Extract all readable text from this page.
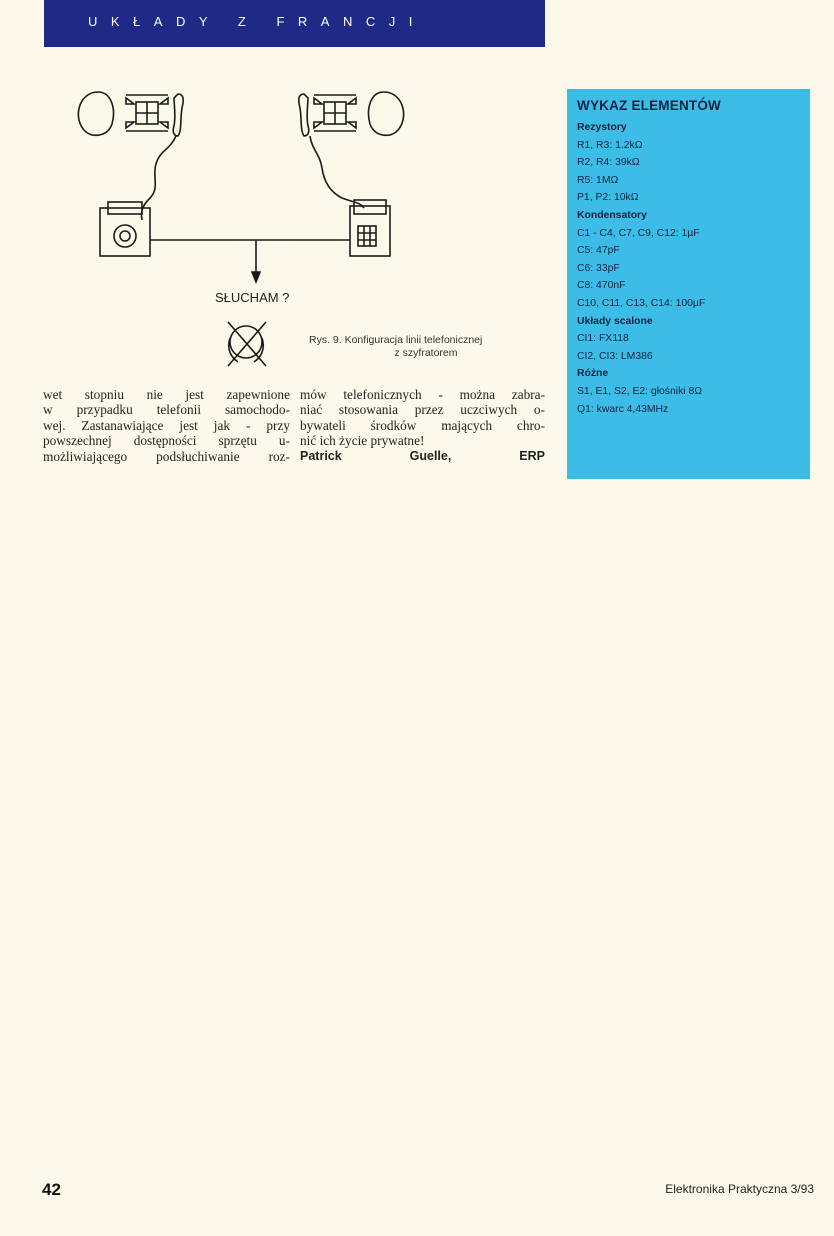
UKŁADY Z FRANCJI
SŁUCHAM ?
Rys. 9. Konfiguracja linii telefonicznej
z szyfratorem
wet stopniu nie jest zapewnione
w przypadku telefonii samochodo-
wej. Zastanawiające jest jak - przy
powszechnej dostępności sprzętu u-
możliwiającego podsłuchiwanie roz-
mów telefonicznych - można zabra-
niać stosowania przez uczciwych o-
bywateli środków mających chro-
nić ich życie prywatne!
Patrick Guelle, ERP
WYKAZ ELEMENTÓW
Rezystory
R1, R3: 1.2kΩ
R2, R4: 39kΩ
R5: 1MΩ
P1, P2: 10kΩ
Kondensatory
C1 - C4, C7, C9, C12: 1µF
C5: 47pF
C6: 33pF
C8: 470nF
C10, C11, C13, C14: 100µF
Układy scalone
CI1: FX118
CI2, CI3: LM386
Różne
S1, E1, S2, E2: głośniki 8Ω
Q1: kwarc 4,43MHz
42	Elektronika Praktyczna 3/93
